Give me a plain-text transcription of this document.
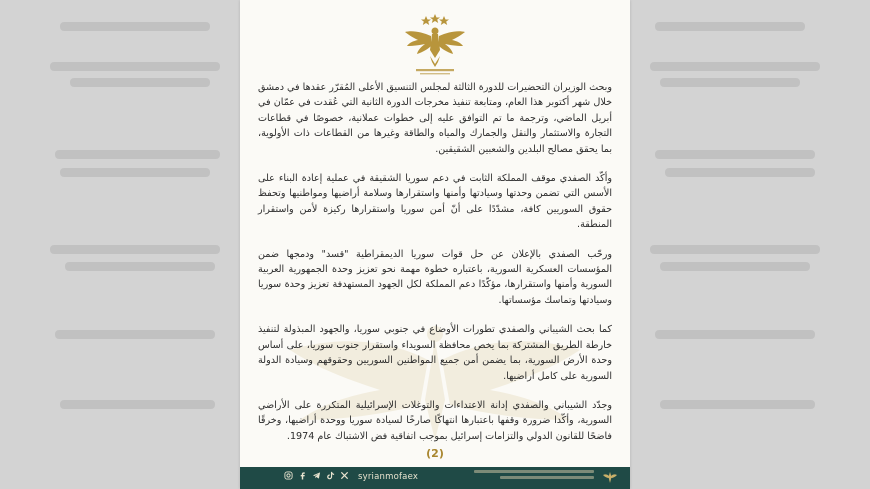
وبحث الوزيران التحضيرات للدورة الثالثة لمجلس التنسيق الأعلى المُقرّر عقدها في دمشق خلال شهر أكتوبر هذا العام، ومتابعة تنفيذ مخرجات الدورة الثانية التي عُقدت في عمّان في أبريل الماضي، وترجمة ما تم التوافق عليه إلى خطوات عملانية، خصوصًا في قطاعات التجارة والاستثمار والنقل والجمارك والمياه والطاقة وغيرها من القطاعات ذات الأولوية، بما يحقق مصالح البلدين والشعبين الشقيقين.

وأكّد الصفدي موقف المملكة الثابت في دعم سوريا الشقيقة في عملية إعادة البناء على الأسس التي تضمن وحدتها وسيادتها وأمنها واستقرارها وسلامة أراضيها ومواطنيها وتحفظ حقوق السوريين كافة، مشدّدًا على أنّ أمن سوريا واستقرارها ركيزة لأمن واستقرار المنطقة.

ورحّب الصفدي بالإعلان عن حل قوات سوريا الديمقراطية "قسد" ودمجها ضمن المؤسسات العسكرية السورية، باعتباره خطوة مهمة نحو تعزيز وحدة الجمهورية العربية السورية وأمنها واستقرارها، مؤكّدًا دعم المملكة لكل الجهود المستهدفة تعزيز وحدة سوريا وسيادتها وتماسك مؤسساتها.

كما بحث الشيباني والصفدي تطورات الأوضاع في جنوبي سوريا، والجهود المبذولة لتنفيذ خارطة الطريق المشتركة بما يخص محافظة السويداء واستقرار جنوب سوريا، على أساس وحدة الأرض السورية، بما يضمن أمن جميع المواطنين السوريين وحقوقهم وسيادة الدولة السورية على كامل أراضيها.

وجدّد الشيباني والصفدي إدانة الاعتداءات والتوغلات الإسرائيلية المتكررة على الأراضي السورية، وأكّدا ضرورة وقفها باعتبارها انتهاكًا صارخًا لسيادة سوريا ووحدة أراضيها، وخرقًا فاضحًا للقانون الدولي والتزامات إسرائيل بموجب اتفاقية فض الاشتباك عام 1974.

(2)
syrianmofaex
